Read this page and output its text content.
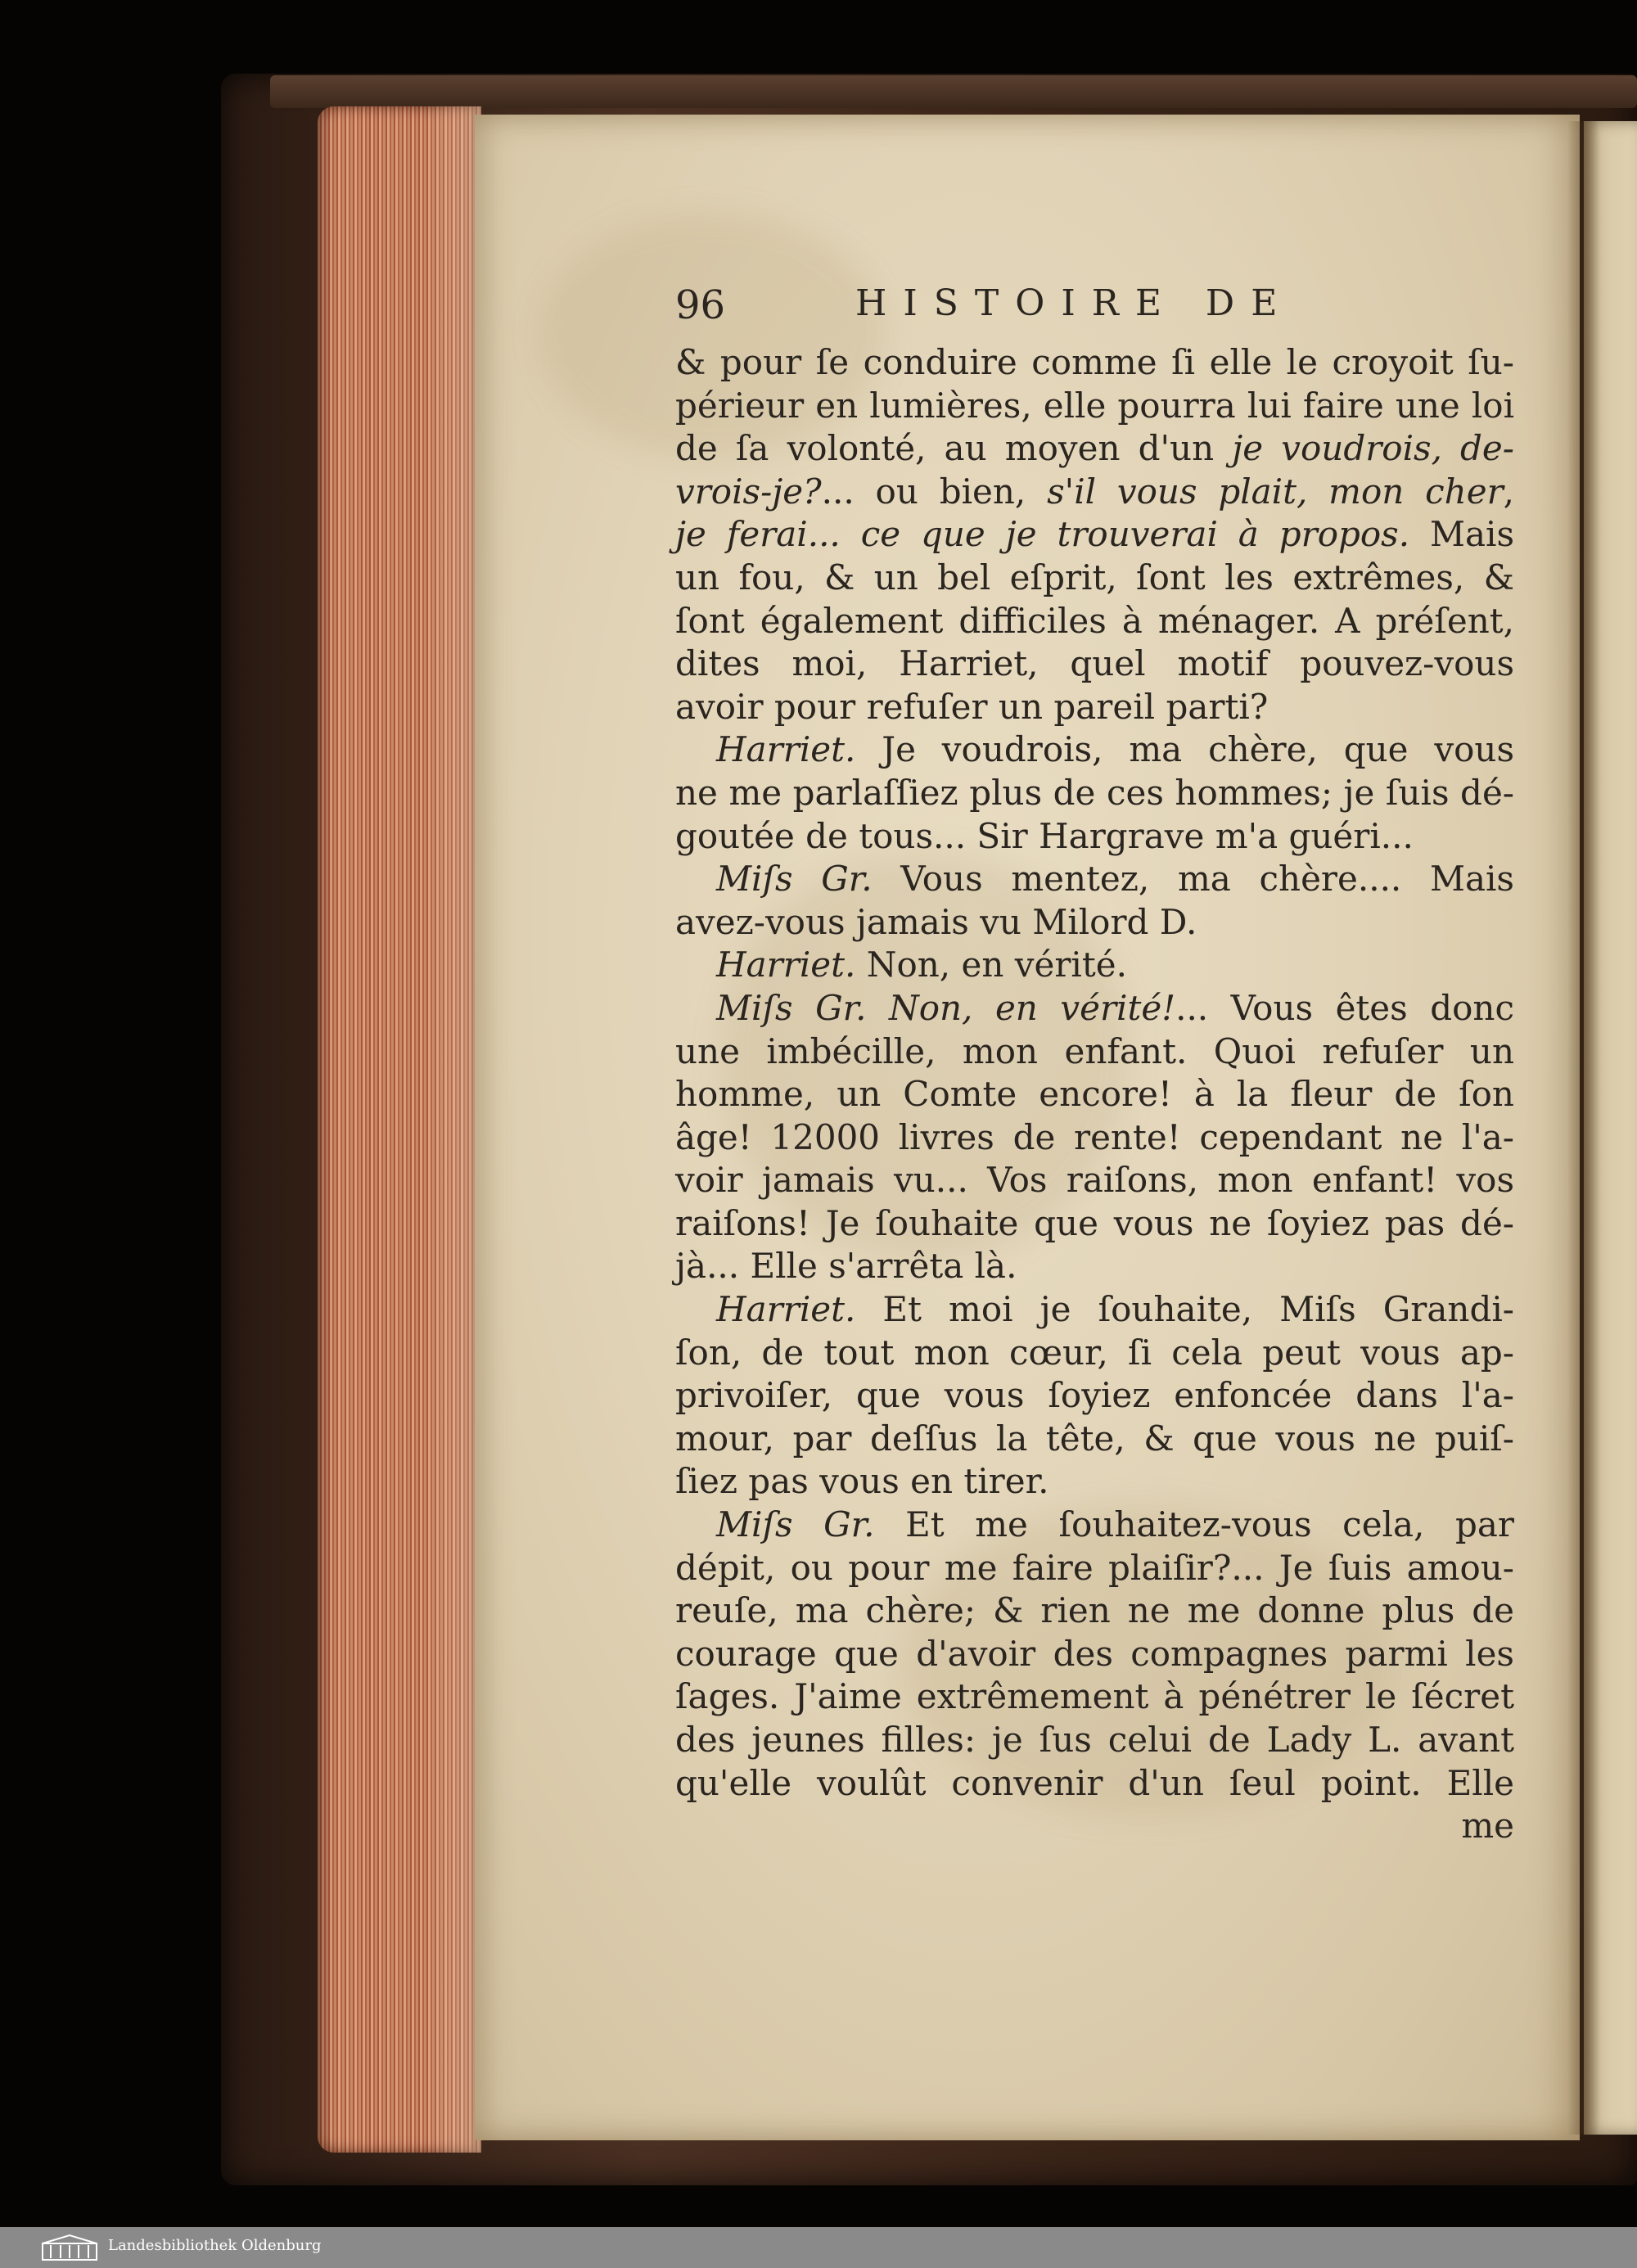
96	HISTOIRE DE
& pour ſe conduire comme ſi elle le croyoit ſu-
périeur en lumières, elle pourra lui faire une loi
de ſa volonté, au moyen d'un je voudrois, de-
vrois-je?... ou bien, s'il vous plait, mon cher,
je ferai... ce que je trouverai à propos. Mais
un fou, & un bel eſprit, ſont les extrêmes, &
ſont également difficiles à ménager. A préſent,
dites moi, Harriet, quel motif pouvez-vous
avoir pour refuſer un pareil parti?
Harriet. Je voudrois, ma chère, que vous
ne me parlaſſiez plus de ces hommes; je ſuis dé-
goutée de tous... Sir Hargrave m'a guéri...
Miſs Gr. Vous mentez, ma chère.... Mais
avez-vous jamais vu Milord D.
Harriet. Non, en vérité.
Miſs Gr. Non, en vérité!... Vous êtes donc
une imbécille, mon enfant. Quoi refuſer un
homme, un Comte encore! à la fleur de ſon
âge! 12000 livres de rente! cependant ne l'a-
voir jamais vu... Vos raiſons, mon enfant! vos
raiſons! Je ſouhaite que vous ne ſoyiez pas dé-
jà... Elle s'arrêta là.
Harriet. Et moi je ſouhaite, Miſs Grandi-
ſon, de tout mon cœur, ſi cela peut vous ap-
privoiſer, que vous ſoyiez enfoncée dans l'a-
mour, par deſſus la tête, & que vous ne puiſ-
ſiez pas vous en tirer.
Miſs Gr. Et me ſouhaitez-vous cela, par
dépit, ou pour me faire plaiſir?... Je ſuis amou-
reuſe, ma chère; & rien ne me donne plus de
courage que d'avoir des compagnes parmi les
ſages. J'aime extrêmement à pénétrer le ſécret
des jeunes filles: je ſus celui de Lady L. avant
qu'elle voulût convenir d'un ſeul point. Elle
me
Landesbibliothek Oldenburg
